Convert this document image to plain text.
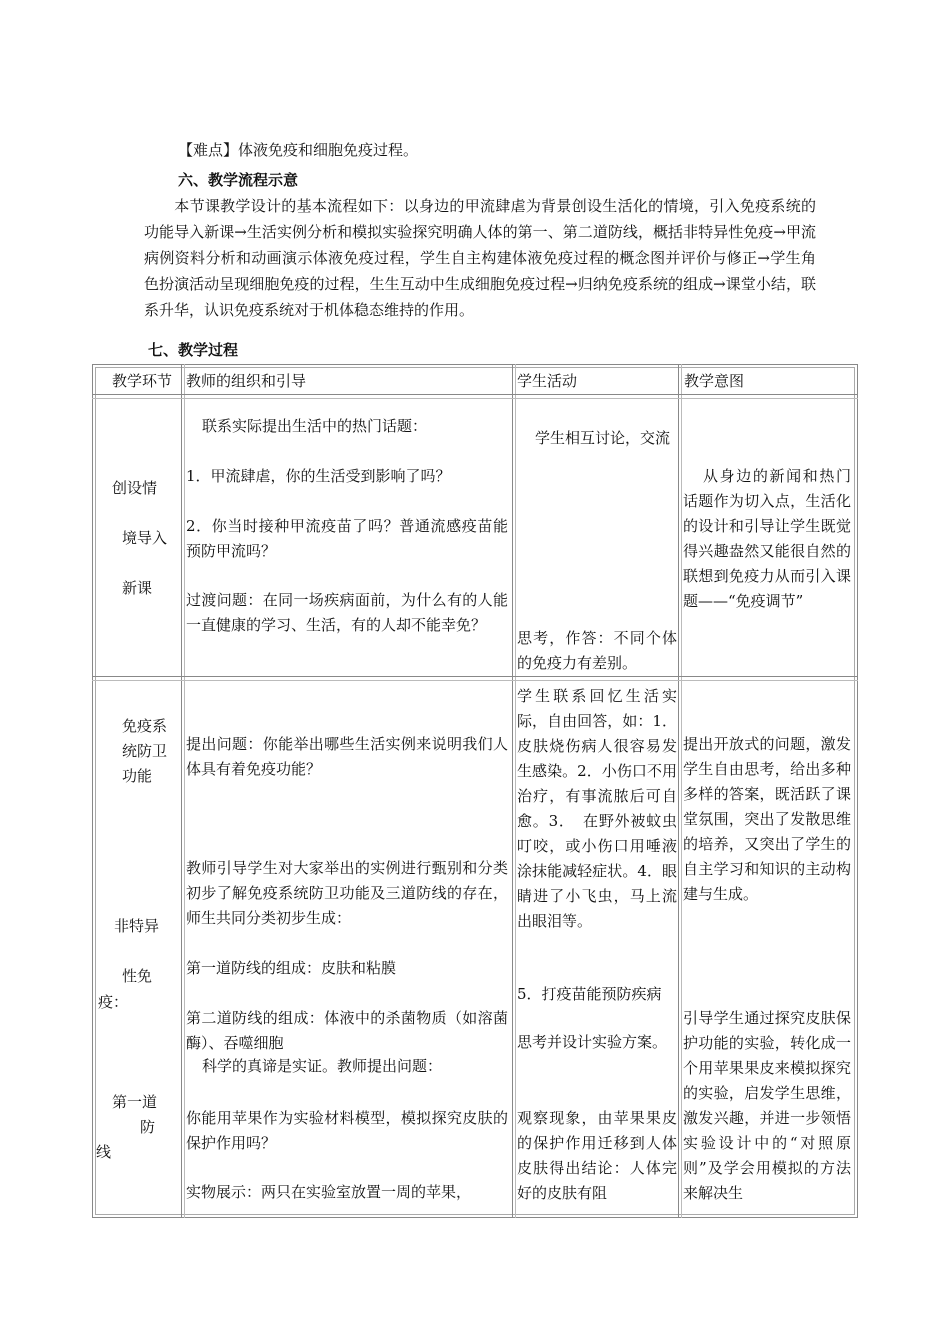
【难点】体液免疫和细胞免疫过程。
六、教学流程示意
本节课教学设计的基本流程如下：以身边的甲流肆虐为背景创设生活化的情境，引入免疫系统的功能导入新课→生活实例分析和模拟实验探究明确人体的第一、第二道防线，概括非特异性免疫→甲流病例资料分析和动画演示体液免疫过程，学生自主构建体液免疫过程的概念图并评价与修正→学生角色扮演活动呈现细胞免疫的过程，生生互动中生成细胞免疫过程→归纳免疫系统的组成→课堂小结，联系升华，认识免疫系统对于机体稳态维持的作用。
七、教学过程
教学环节 教师的组织和引导	学生活动	教学意图
创设情
境导入
新课
联系实际提出生活中的热门话题：
1．甲流肆虐，你的生活受到影响了吗？
2．你当时接种甲流疫苗了吗？普通流感疫苗能预防甲流吗？
过渡问题：在同一场疾病面前，为什么有的人能一直健康的学习、生活，有的人却不能幸免？
学生相互讨论，交流
思考，作答：不同个体的免疫力有差别。
从身边的新闻和热门话题作为切入点，生活化的设计和引导让学生既觉得兴趣盎然又能很自然的联想到免疫力从而引入课题——“免疫调节”
免疫系
统防卫
功能
非特异
性免
疫：
第一道
防
线
提出问题：你能举出哪些生活实例来说明我们人体具有着免疫功能？
教师引导学生对大家举出的实例进行甄别和分类初步了解免疫系统防卫功能及三道防线的存在，师生共同分类初步生成：
第一道防线的组成：皮肤和粘膜
第二道防线的组成：体液中的杀菌物质（如溶菌酶）、吞噬细胞
科学的真谛是实证。教师提出问题：
你能用苹果作为实验材料模型，模拟探究皮肤的保护作用吗？
实物展示：两只在实验室放置一周的苹果，
学生联系回忆生活实际，自由回答，如：1．皮肤烧伤病人很容易发生感染。2．小伤口不用治疗，有事流脓后可自愈。3．　在野外被蚊虫叮咬，或小伤口用唾液涂抹能减轻症状。4．眼睛进了小飞虫，马上流出眼泪等。
5．打疫苗能预防疾病
思考并设计实验方案。
观察现象，由苹果果皮的保护作用迁移到人体皮肤得出结论：人体完好的皮肤有阻
提出开放式的问题，激发学生自由思考，给出多种多样的答案，既活跃了课堂氛围，突出了发散思维的培养，又突出了学生的自主学习和知识的主动构建与生成。
引导学生通过探究皮肤保护功能的实验，转化成一个用苹果果皮来模拟探究的实验，启发学生思维，激发兴趣，并进一步领悟实验设计中的“对照原则”及学会用模拟的方法来解决生
